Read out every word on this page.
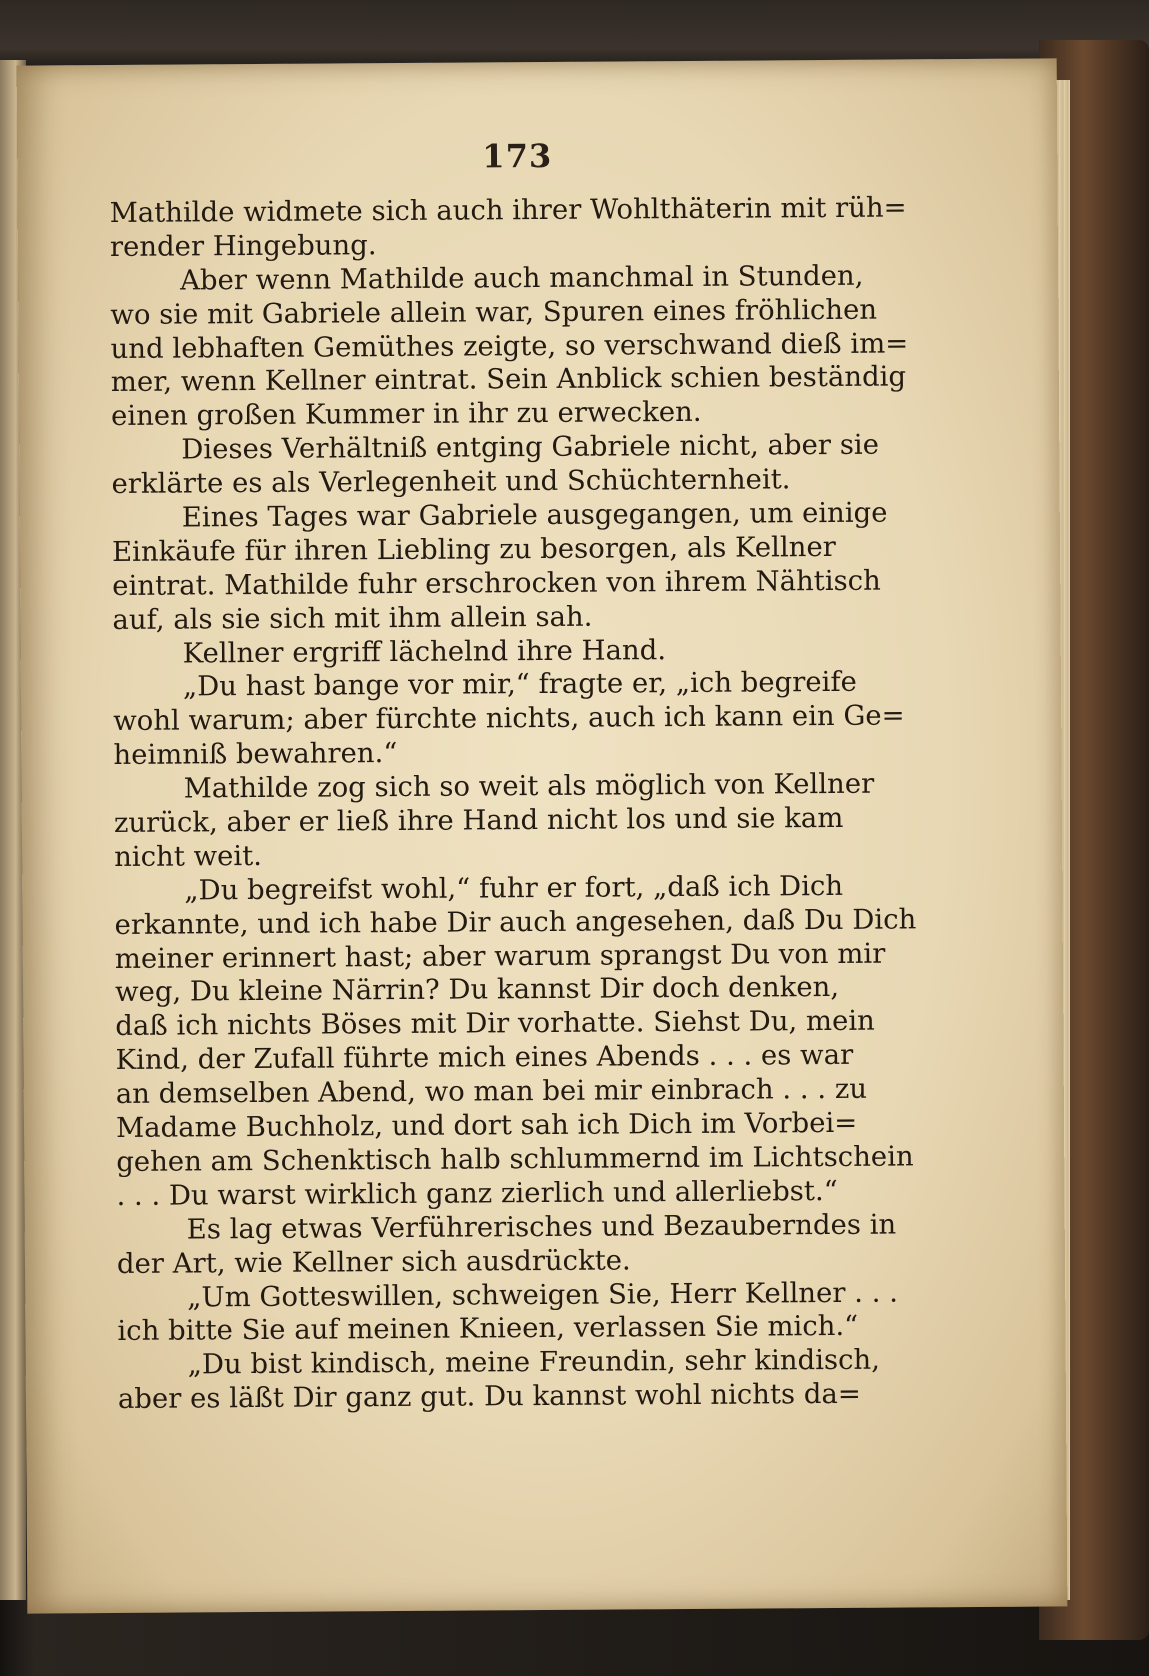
173
Mathilde widmete sich auch ihrer Wohlthäterin mit rüh=
render Hingebung.
Aber wenn Mathilde auch manchmal in Stunden,
wo sie mit Gabriele allein war, Spuren eines fröhlichen
und lebhaften Gemüthes zeigte, so verschwand dieß im=
mer, wenn Kellner eintrat. Sein Anblick schien beständig
einen großen Kummer in ihr zu erwecken.
Dieses Verhältniß entging Gabriele nicht, aber sie
erklärte es als Verlegenheit und Schüchternheit.
Eines Tages war Gabriele ausgegangen, um einige
Einkäufe für ihren Liebling zu besorgen, als Kellner
eintrat. Mathilde fuhr erschrocken von ihrem Nähtisch
auf, als sie sich mit ihm allein sah.
Kellner ergriff lächelnd ihre Hand.
„Du hast bange vor mir,“ fragte er, „ich begreife
wohl warum; aber fürchte nichts, auch ich kann ein Ge=
heimniß bewahren.“
Mathilde zog sich so weit als möglich von Kellner
zurück, aber er ließ ihre Hand nicht los und sie kam
nicht weit.
„Du begreifst wohl,“ fuhr er fort, „daß ich Dich
erkannte, und ich habe Dir auch angesehen, daß Du Dich
meiner erinnert hast; aber warum sprangst Du von mir
weg, Du kleine Närrin? Du kannst Dir doch denken,
daß ich nichts Böses mit Dir vorhatte. Siehst Du, mein
Kind, der Zufall führte mich eines Abends . . . es war
an demselben Abend, wo man bei mir einbrach . . . zu
Madame Buchholz, und dort sah ich Dich im Vorbei=
gehen am Schenktisch halb schlummernd im Lichtschein
. . . Du warst wirklich ganz zierlich und allerliebst.“
Es lag etwas Verführerisches und Bezauberndes in
der Art, wie Kellner sich ausdrückte.
„Um Gotteswillen, schweigen Sie, Herr Kellner . . .
ich bitte Sie auf meinen Knieen, verlassen Sie mich.“
„Du bist kindisch, meine Freundin, sehr kindisch,
aber es läßt Dir ganz gut. Du kannst wohl nichts da=
